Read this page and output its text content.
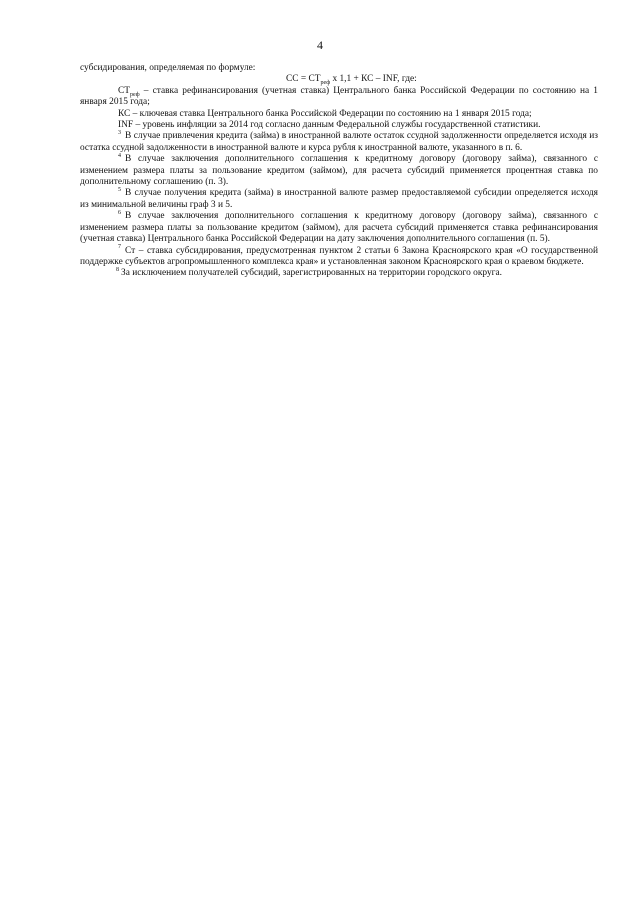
4

субсидирования, определяемая по формуле:

СС = $СТ_{реф}$ х 1,1 + КС – INF, где:

$СТ_{реф}$ – ставка рефинансирования (учетная ставка) Центрального банка Российской Федерации по состоянию на 1 января 2015 года;

КС – ключевая ставка Центрального банка Российской Федерации по состоянию на 1 января 2015 года;

INF – уровень инфляции за 2014 год согласно данным Федеральной службы государственной статистики.

3 В случае привлечения кредита (займа) в иностранной валюте остаток ссудной задолженности определяется исходя из остатка ссудной задолженности в иностранной валюте и курса рубля к иностранной валюте, указанного в п. 6.

4 В случае заключения дополнительного соглашения к кредитному договору (договору займа), связанного с изменением размера платы за пользование кредитом (займом), для расчета субсидий применяется процентная ставка по дополнительному соглашению (п. 3).

5 В случае получения кредита (займа) в иностранной валюте размер предоставляемой субсидии определяется исходя из минимальной величины граф 3 и 5.

6 В случае заключения дополнительного соглашения к кредитному договору (договору займа), связанного с изменением размера платы за пользование кредитом (займом), для расчета субсидий применяется ставка рефинансирования (учетная ставка) Центрального банка Российской Федерации на дату заключения дополнительного соглашения (п. 5).

7 Ст – ставка субсидирования, предусмотренная пунктом 2 статьи 6 Закона Красноярского края «О государственной поддержке субъектов агропромышленного комплекса края» и установленная законом Красноярского края о краевом бюджете.

8 За исключением получателей субсидий, зарегистрированных на территории городского округа.
